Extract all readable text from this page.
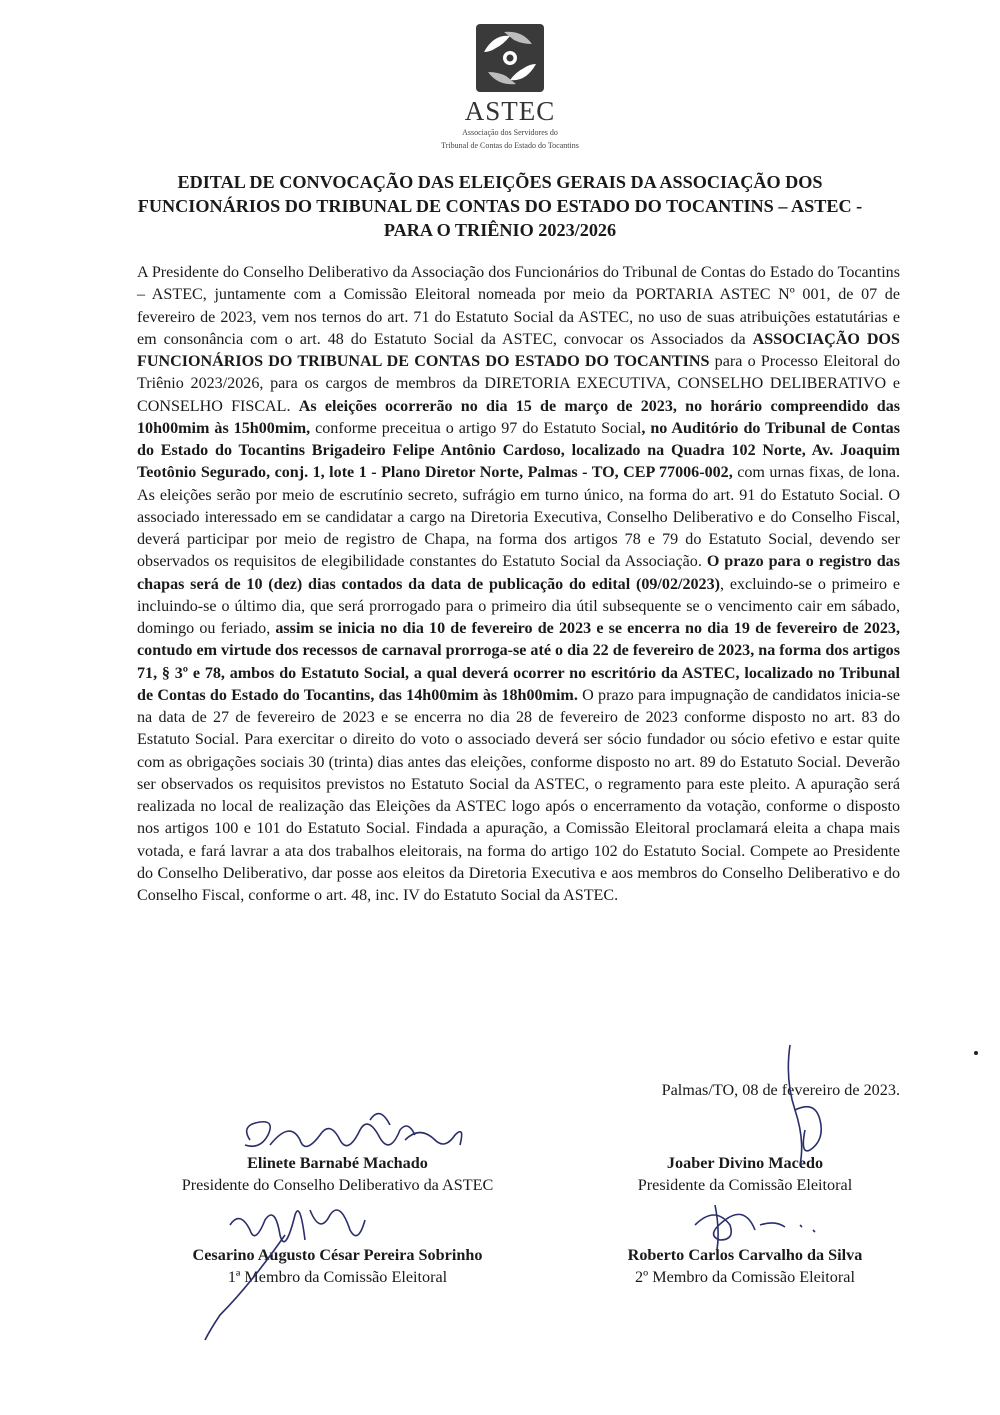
ASTEC
Associação dos Servidores do
Tribunal de Contas do Estado do Tocantins
EDITAL DE CONVOCAÇÃO DAS ELEIÇÕES GERAIS DA ASSOCIAÇÃO DOS
FUNCIONÁRIOS DO TRIBUNAL DE CONTAS DO ESTADO DO TOCANTINS – ASTEC -
PARA O TRIÊNIO 2023/2026
A Presidente do Conselho Deliberativo da Associação dos Funcionários do Tribunal de Contas do Estado do Tocantins – ASTEC, juntamente com a Comissão Eleitoral nomeada por meio da PORTARIA ASTEC Nº 001, de 07 de fevereiro de 2023, vem nos ternos do art. 71 do Estatuto Social da ASTEC, no uso de suas atribuições estatutárias e em consonância com o art. 48 do Estatuto Social da ASTEC, convocar os Associados da ASSOCIAÇÃO DOS FUNCIONÁRIOS DO TRIBUNAL DE CONTAS DO ESTADO DO TOCANTINS para o Processo Eleitoral do Triênio 2023/2026, para os cargos de membros da DIRETORIA EXECUTIVA, CONSELHO DELIBERATIVO e CONSELHO FISCAL. As eleições ocorrerão no dia 15 de março de 2023, no horário compreendido das 10h00mim às 15h00mim, conforme preceitua o artigo 97 do Estatuto Social, no Auditório do Tribunal de Contas do Estado do Tocantins Brigadeiro Felipe Antônio Cardoso, localizado na Quadra 102 Norte, Av. Joaquim Teotônio Segurado, conj. 1, lote 1 - Plano Diretor Norte, Palmas - TO, CEP 77006-002, com urnas fixas, de lona. As eleições serão por meio de escrutínio secreto, sufrágio em turno único, na forma do art. 91 do Estatuto Social. O associado interessado em se candidatar a cargo na Diretoria Executiva, Conselho Deliberativo e do Conselho Fiscal, deverá participar por meio de registro de Chapa, na forma dos artigos 78 e 79 do Estatuto Social, devendo ser observados os requisitos de elegibilidade constantes do Estatuto Social da Associação. O prazo para o registro das chapas será de 10 (dez) dias contados da data de publicação do edital (09/02/2023), excluindo-se o primeiro e incluindo-se o último dia, que será prorrogado para o primeiro dia útil subsequente se o vencimento cair em sábado, domingo ou feriado, assim se inicia no dia 10 de fevereiro de 2023 e se encerra no dia 19 de fevereiro de 2023, contudo em virtude dos recessos de carnaval prorroga-se até o dia 22 de fevereiro de 2023, na forma dos artigos 71, § 3º e 78, ambos do Estatuto Social, a qual deverá ocorrer no escritório da ASTEC, localizado no Tribunal de Contas do Estado do Tocantins, das 14h00mim às 18h00mim. O prazo para impugnação de candidatos inicia-se na data de 27 de fevereiro de 2023 e se encerra no dia 28 de fevereiro de 2023 conforme disposto no art. 83 do Estatuto Social. Para exercitar o direito do voto o associado deverá ser sócio fundador ou sócio efetivo e estar quite com as obrigações sociais 30 (trinta) dias antes das eleições, conforme disposto no art. 89 do Estatuto Social. Deverão ser observados os requisitos previstos no Estatuto Social da ASTEC, o regramento para este pleito. A apuração será realizada no local de realização das Eleições da ASTEC logo após o encerramento da votação, conforme o disposto nos artigos 100 e 101 do Estatuto Social. Findada a apuração, a Comissão Eleitoral proclamará eleita a chapa mais votada, e fará lavrar a ata dos trabalhos eleitorais, na forma do artigo 102 do Estatuto Social. Compete ao Presidente do Conselho Deliberativo, dar posse aos eleitos da Diretoria Executiva e aos membros do Conselho Deliberativo e do Conselho Fiscal, conforme o art. 48, inc. IV do Estatuto Social da ASTEC.
Palmas/TO, 08 de fevereiro de 2023.
Elinete Barnabé Machado
Presidente do Conselho Deliberativo da ASTEC
Joaber Divino Macedo
Presidente da Comissão Eleitoral
Cesarino Augusto César Pereira Sobrinho
1ª Membro da Comissão Eleitoral
Roberto Carlos Carvalho da Silva
2º Membro da Comissão Eleitoral
